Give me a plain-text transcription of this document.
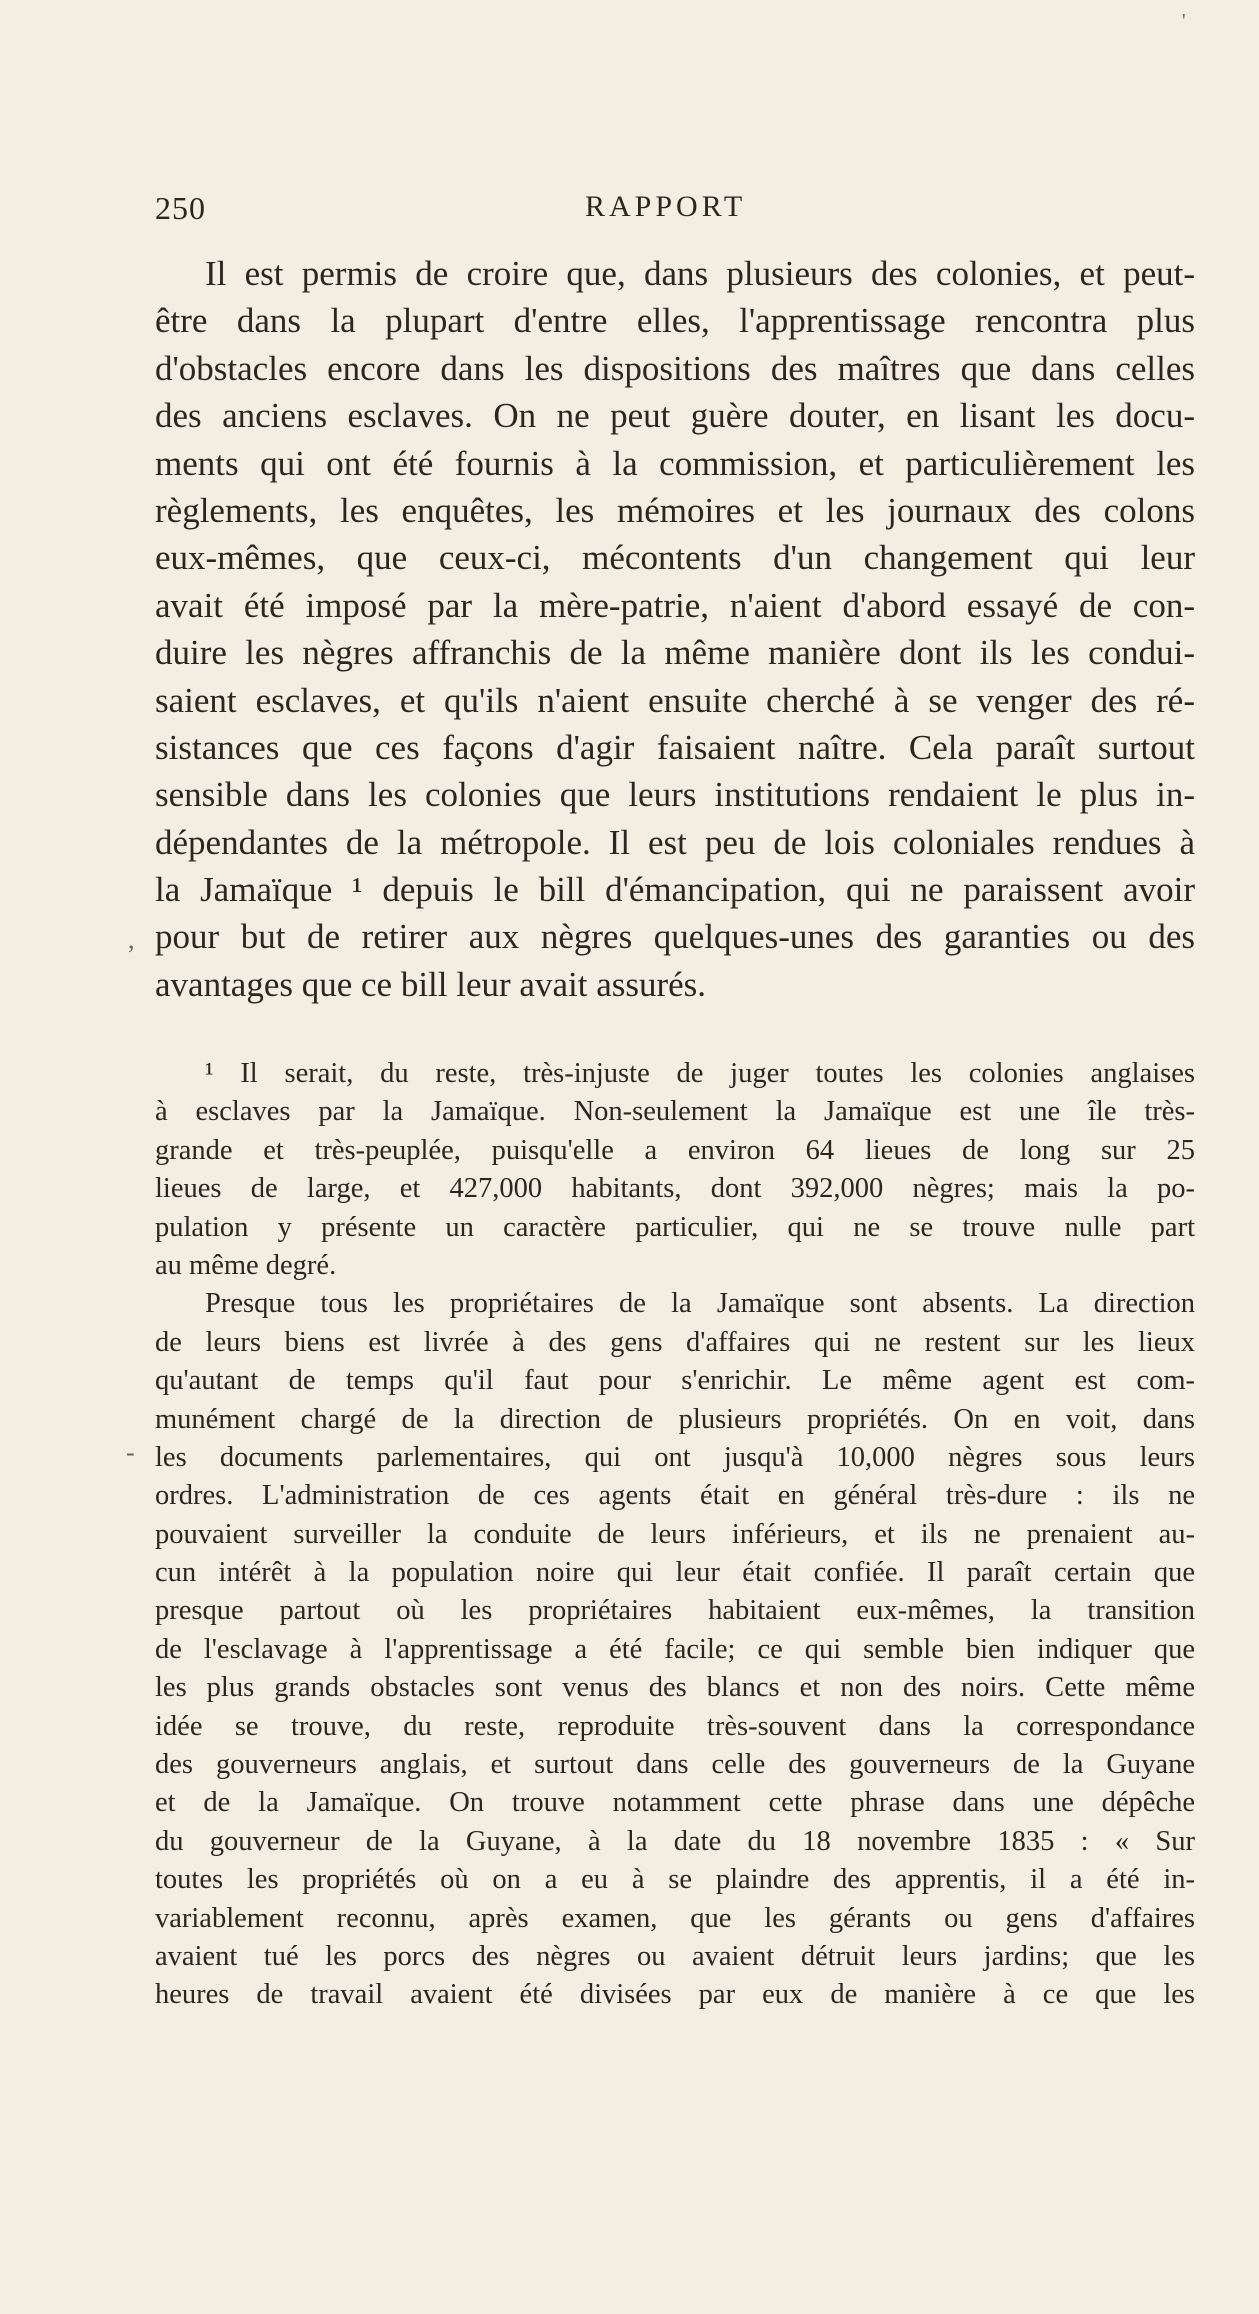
250	RAPPORT
Il est permis de croire que, dans plusieurs des colonies, et peut-
être dans la plupart d'entre elles, l'apprentissage rencontra plus
d'obstacles encore dans les dispositions des maîtres que dans celles
des anciens esclaves. On ne peut guère douter, en lisant les docu-
ments qui ont été fournis à la commission, et particulièrement les
règlements, les enquêtes, les mémoires et les journaux des colons
eux-mêmes, que ceux-ci, mécontents d'un changement qui leur
avait été imposé par la mère-patrie, n'aient d'abord essayé de con-
duire les nègres affranchis de la même manière dont ils les condui-
saient esclaves, et qu'ils n'aient ensuite cherché à se venger des ré-
sistances que ces façons d'agir faisaient naître. Cela paraît surtout
sensible dans les colonies que leurs institutions rendaient le plus in-
dépendantes de la métropole. Il est peu de lois coloniales rendues à
la Jamaïque ¹ depuis le bill d'émancipation, qui ne paraissent avoir
pour but de retirer aux nègres quelques-unes des garanties ou des
avantages que ce bill leur avait assurés.
¹ Il serait, du reste, très-injuste de juger toutes les colonies anglaises
à esclaves par la Jamaïque. Non-seulement la Jamaïque est une île très-
grande et très-peuplée, puisqu'elle a environ 64 lieues de long sur 25
lieues de large, et 427,000 habitants, dont 392,000 nègres; mais la po-
pulation y présente un caractère particulier, qui ne se trouve nulle part
au même degré.
Presque tous les propriétaires de la Jamaïque sont absents. La direction
de leurs biens est livrée à des gens d'affaires qui ne restent sur les lieux
qu'autant de temps qu'il faut pour s'enrichir. Le même agent est com-
munément chargé de la direction de plusieurs propriétés. On en voit, dans
les documents parlementaires, qui ont jusqu'à 10,000 nègres sous leurs
ordres. L'administration de ces agents était en général très-dure : ils ne
pouvaient surveiller la conduite de leurs inférieurs, et ils ne prenaient au-
cun intérêt à la population noire qui leur était confiée. Il paraît certain que
presque partout où les propriétaires habitaient eux-mêmes, la transition
de l'esclavage à l'apprentissage a été facile; ce qui semble bien indiquer que
les plus grands obstacles sont venus des blancs et non des noirs. Cette même
idée se trouve, du reste, reproduite très-souvent dans la correspondance
des gouverneurs anglais, et surtout dans celle des gouverneurs de la Guyane
et de la Jamaïque. On trouve notamment cette phrase dans une dépêche
du gouverneur de la Guyane, à la date du 18 novembre 1835 : « Sur
toutes les propriétés où on a eu à se plaindre des apprentis, il a été in-
variablement reconnu, après examen, que les gérants ou gens d'affaires
avaient tué les porcs des nègres ou avaient détruit leurs jardins; que les
heures de travail avaient été divisées par eux de manière à ce que les
,
-
'
